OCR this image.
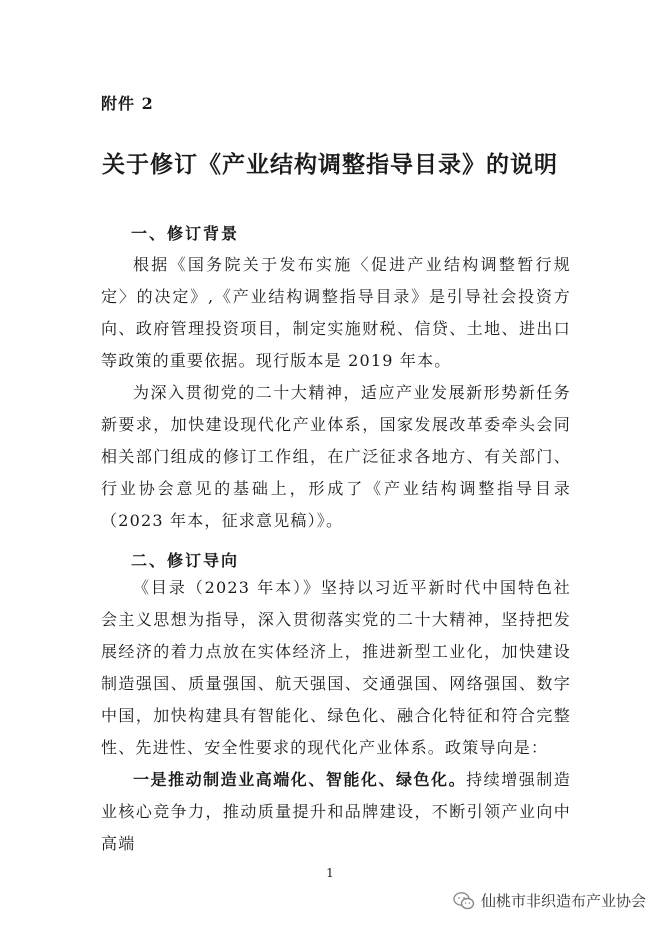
附件 2
关于修订《产业结构调整指导目录》的说明
一、修订背景

根据《国务院关于发布实施〈促进产业结构调整暂行规定〉的决定》,《产业结构调整指导目录》是引导社会投资方向、政府管理投资项目，制定实施财税、信贷、土地、进出口等政策的重要依据。现行版本是 2019 年本。

为深入贯彻党的二十大精神，适应产业发展新形势新任务新要求，加快建设现代化产业体系，国家发展改革委牵头会同相关部门组成的修订工作组，在广泛征求各地方、有关部门、行业协会意见的基础上，形成了《产业结构调整指导目录（2023 年本，征求意见稿）》。

二、修订导向

《目录（2023 年本）》坚持以习近平新时代中国特色社会主义思想为指导，深入贯彻落实党的二十大精神，坚持把发展经济的着力点放在实体经济上，推进新型工业化，加快建设制造强国、质量强国、航天强国、交通强国、网络强国、数字中国，加快构建具有智能化、绿色化、融合化特征和符合完整性、先进性、安全性要求的现代化产业体系。政策导向是：

一是推动制造业高端化、智能化、绿色化。持续增强制造业核心竞争力，推动质量提升和品牌建设，不断引领产业向中高端

1
仙桃市非织造布产业协会
